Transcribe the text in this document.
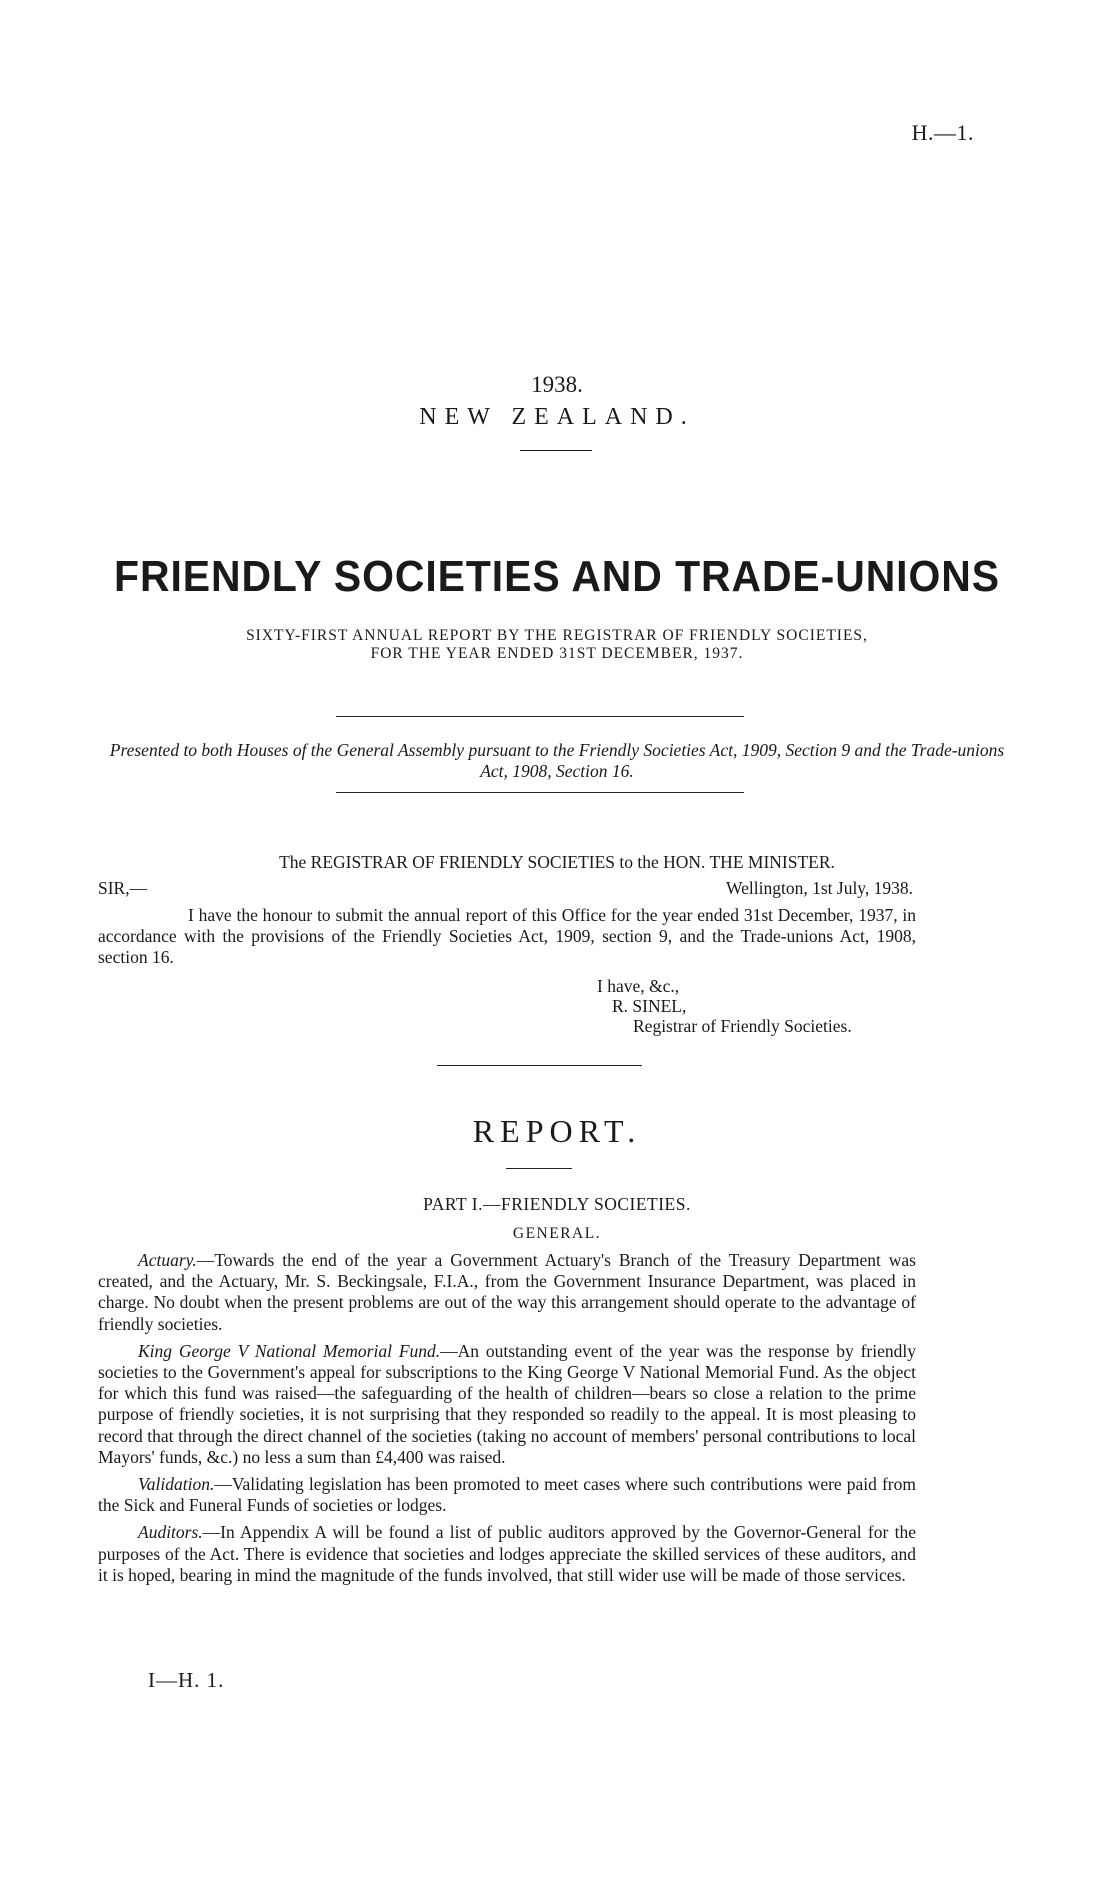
H.—1.
1938.
NEW ZEALAND.
FRIENDLY SOCIETIES AND TRADE-UNIONS
SIXTY-FIRST ANNUAL REPORT BY THE REGISTRAR OF FRIENDLY SOCIETIES,
FOR THE YEAR ENDED 31ST DECEMBER, 1937.
Presented to both Houses of the General Assembly pursuant to the Friendly Societies Act, 1909, Section 9 and the Trade-unions Act, 1908, Section 16.
The REGISTRAR OF FRIENDLY SOCIETIES to the HON. THE MINISTER.
SIR,—	Wellington, 1st July, 1938.
I have the honour to submit the annual report of this Office for the year ended 31st December, 1937, in accordance with the provisions of the Friendly Societies Act, 1909, section 9, and the Trade-unions Act, 1908, section 16.
I have, &c.,
R. SINEL,
Registrar of Friendly Societies.
REPORT.
PART I.—FRIENDLY SOCIETIES.
GENERAL.

Actuary.—Towards the end of the year a Government Actuary's Branch of the Treasury Department was created, and the Actuary, Mr. S. Beckingsale, F.I.A., from the Government Insurance Department, was placed in charge. No doubt when the present problems are out of the way this arrangement should operate to the advantage of friendly societies.

King George V National Memorial Fund.—An outstanding event of the year was the response by friendly societies to the Government's appeal for subscriptions to the King George V National Memorial Fund. As the object for which this fund was raised—the safeguarding of the health of children—bears so close a relation to the prime purpose of friendly societies, it is not surprising that they responded so readily to the appeal. It is most pleasing to record that through the direct channel of the societies (taking no account of members' personal contributions to local Mayors' funds, &c.) no less a sum than £4,400 was raised.

Validation.—Validating legislation has been promoted to meet cases where such contributions were paid from the Sick and Funeral Funds of societies or lodges.

Auditors.—In Appendix A will be found a list of public auditors approved by the Governor-General for the purposes of the Act. There is evidence that societies and lodges appreciate the skilled services of these auditors, and it is hoped, bearing in mind the magnitude of the funds involved, that still wider use will be made of those services.

I—H. 1.
